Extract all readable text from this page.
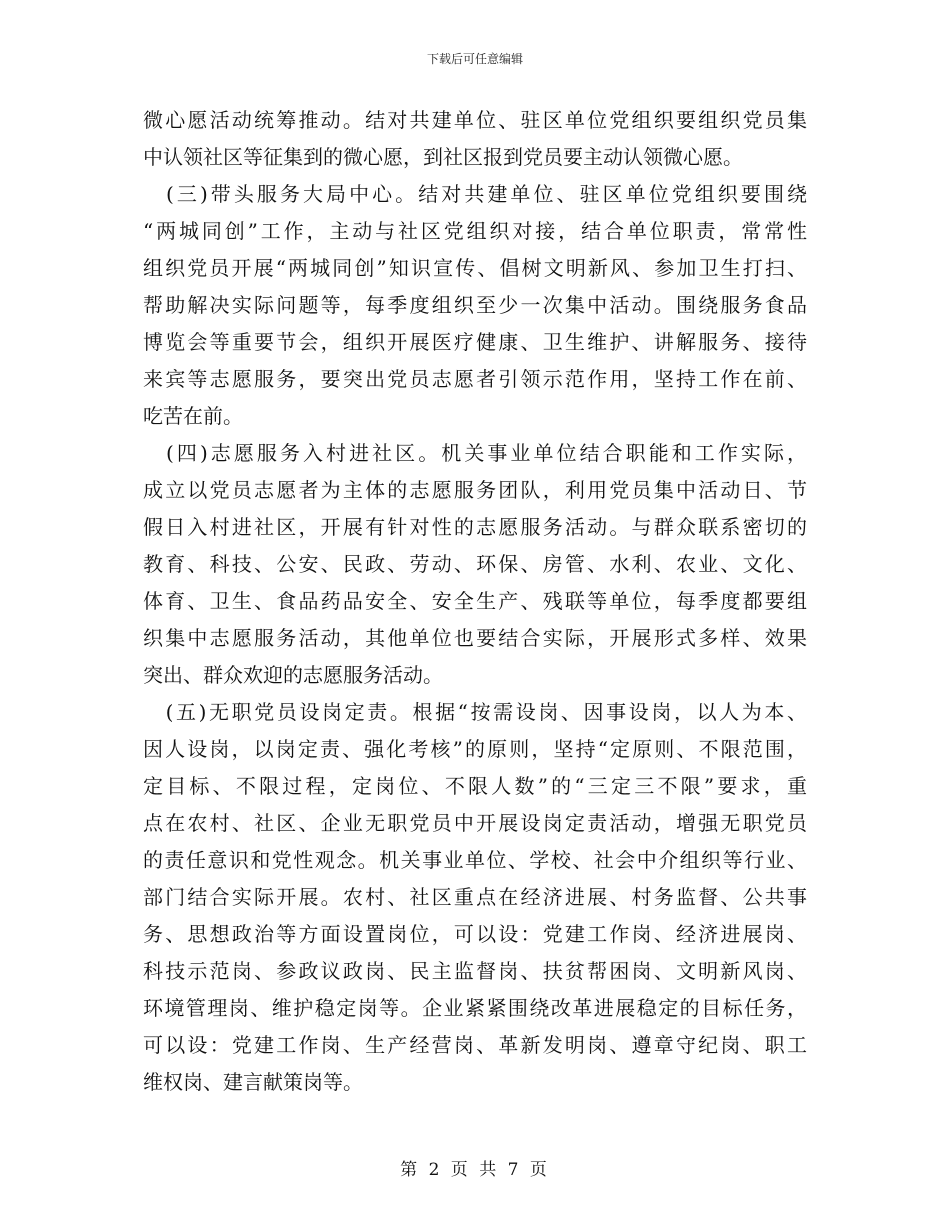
下载后可任意编辑
微心愿活动统筹推动。结对共建单位、驻区单位党组织要组织党员集
中认领社区等征集到的微心愿，到社区报到党员要主动认领微心愿。
　(三)带头服务大局中心。结对共建单位、驻区单位党组织要围绕
“两城同创”工作，主动与社区党组织对接，结合单位职责，常常性
组织党员开展“两城同创”知识宣传、倡树文明新风、参加卫生打扫、
帮助解决实际问题等，每季度组织至少一次集中活动。围绕服务食品
博览会等重要节会，组织开展医疗健康、卫生维护、讲解服务、接待
来宾等志愿服务，要突出党员志愿者引领示范作用，坚持工作在前、
吃苦在前。
　(四)志愿服务入村进社区。机关事业单位结合职能和工作实际，
成立以党员志愿者为主体的志愿服务团队，利用党员集中活动日、节
假日入村进社区，开展有针对性的志愿服务活动。与群众联系密切的
教育、科技、公安、民政、劳动、环保、房管、水利、农业、文化、
体育、卫生、食品药品安全、安全生产、残联等单位，每季度都要组
织集中志愿服务活动，其他单位也要结合实际，开展形式多样、效果
突出、群众欢迎的志愿服务活动。
　(五)无职党员设岗定责。根据“按需设岗、因事设岗，以人为本、
因人设岗，以岗定责、强化考核”的原则，坚持“定原则、不限范围，
定目标、不限过程，定岗位、不限人数”的“三定三不限”要求，重
点在农村、社区、企业无职党员中开展设岗定责活动，增强无职党员
的责任意识和党性观念。机关事业单位、学校、社会中介组织等行业、
部门结合实际开展。农村、社区重点在经济进展、村务监督、公共事
务、思想政治等方面设置岗位，可以设：党建工作岗、经济进展岗、
科技示范岗、参政议政岗、民主监督岗、扶贫帮困岗、文明新风岗、
环境管理岗、维护稳定岗等。企业紧紧围绕改革进展稳定的目标任务，
可以设：党建工作岗、生产经营岗、革新发明岗、遵章守纪岗、职工
维权岗、建言献策岗等。
第 2 页 共 7 页
